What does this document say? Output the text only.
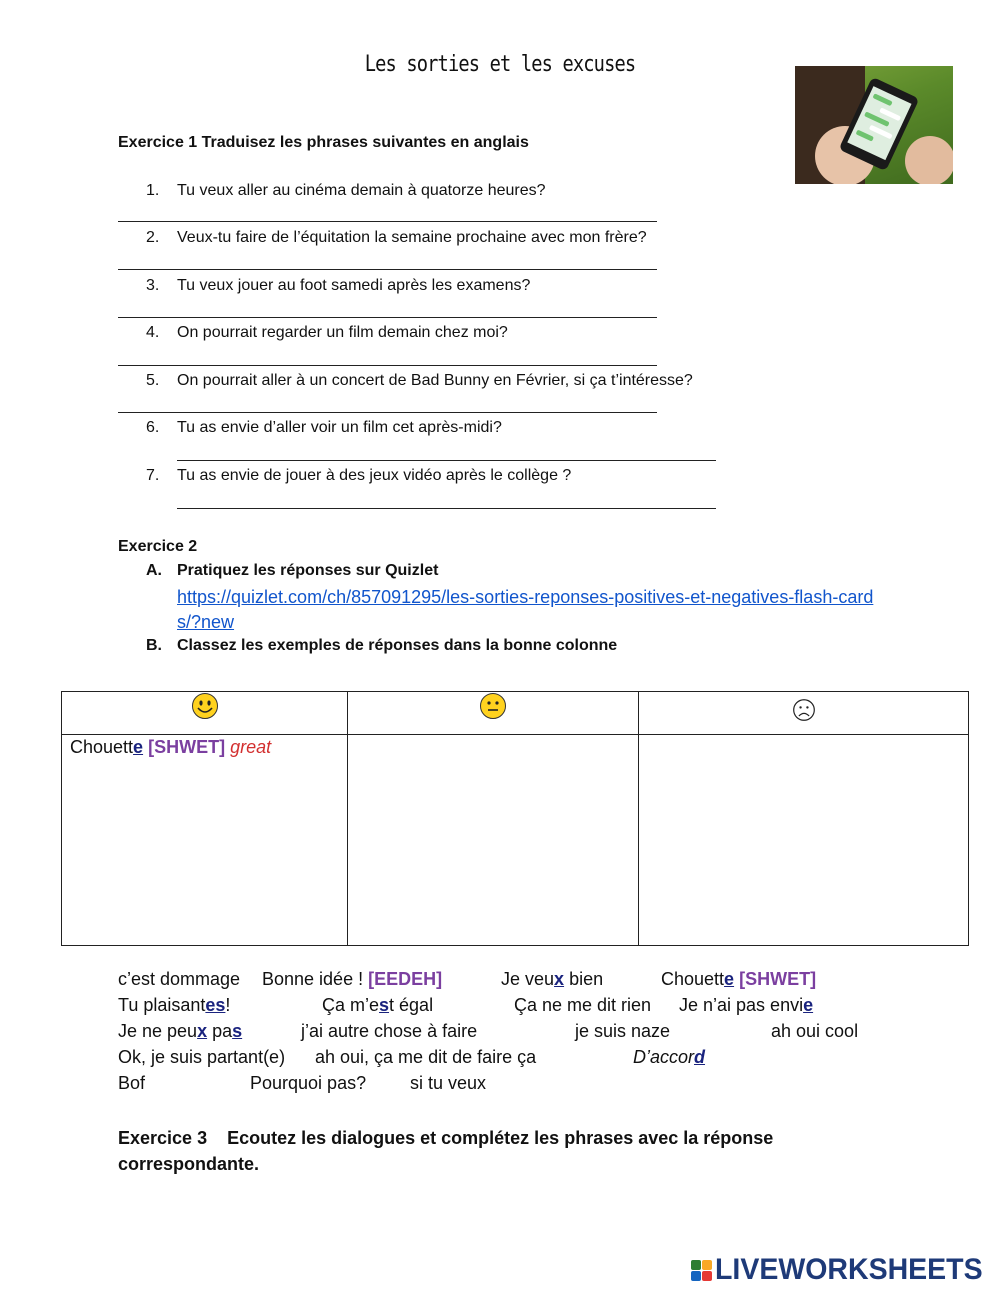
Les sorties et les excuses
Exercice 1 Traduisez les phrases suivantes en anglais
1. Tu veux aller au cinéma demain à quatorze heures?
2. Veux-tu faire de l’équitation la semaine prochaine avec mon frère?
3. Tu veux jouer au foot samedi après les examens?
4. On pourrait regarder un film demain chez moi?
5. On pourrait aller à un concert de Bad Bunny en Février, si ça t’intéresse?
6. Tu as envie d’aller voir un film cet après-midi?
7. Tu as envie de jouer à des jeux vidéo après le collège ?
Exercice 2
A. Pratiquez les réponses sur Quizlet
https://quizlet.com/ch/857091295/les-sorties-reponses-positives-et-negatives-flash-cards/?new
B. Classez les exemples de réponses dans la bonne colonne

Chouette [SHWET] great		

c’est dommage Bonne idée ! [EEDEH]	Je veux bien	Chouette [SHWET]
Tu plaisantes!	Ça m’est égal	Ça ne me dit rien Je n’ai pas envie
Je ne peux pas	j’ai autre chose à faire	je suis naze	ah oui cool
Ok, je suis partant(e) ah oui, ça me dit de faire ça	D’accord
Bof	Pourquoi pas? si tu veux
Exercice 3 Ecoutez les dialogues et complétez les phrases avec la réponse
correspondante.
LIVEWORKSHEETS
